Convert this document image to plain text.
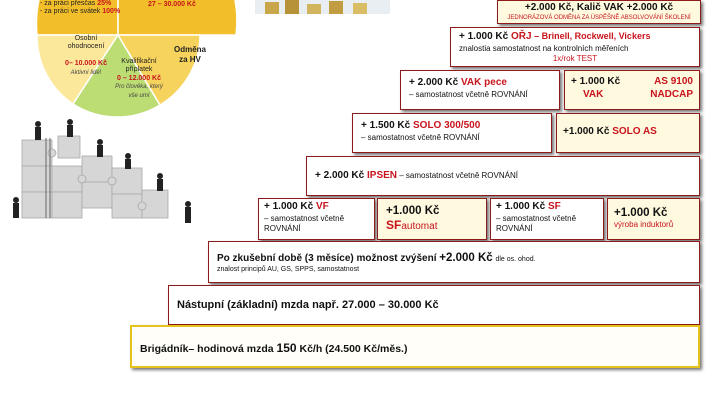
- za práci přesčas 25%
- za práci ve svátek 100%
27 – 30.000 Kč
Osobní ohodnocení

0– 10.000 Kč
Aktivní lidé!
Kvalifikační příplatek
0 – 12.000 Kč
Pro člověka, který vše umí
Odměna za HV
+2.000 Kč, Kalič VAK +2.000 Kč
JEDNORÁZOVÁ ODMĚNA ZA ÚSPĚŠNĚ ABSOLVOVÁNÍ ŠKOLENÍ
+ 1.000 Kč OŘJ – Brinell, Rockwell, Vickers
znalostia samostatnost na kontrolních měřeních
1x/rok TEST
+ 2.000 Kč VAK pece
– samostatnost včetně ROVNÁNÍ
+ 1.000 Kč	AS 9100
VAK	NADCAP
+ 1.500 Kč SOLO 300/500
– samostatnost včetně ROVNÁNÍ	+1.000 Kč SOLO AS
+ 2.000 Kč IPSEN – samostatnost včetně ROVNÁNÍ
+ 1.000 Kč VF
– samostatnost včetně ROVNÁNÍ
+1.000 Kč
SFautomat
+ 1.000 Kč SF
– samostatnost včetně ROVNÁNÍ
+1.000 Kč
výroba induktorů
Po zkušební době (3 měsíce) možnost zvýšení +2.000 Kč dle os. ohod.
znalost principů AU, GS, SPPS, samostatnost
Nástupní (základní) mzda např. 27.000 – 30.000 Kč
Brigádník– hodinová mzda 150 Kč/h (24.500 Kč/měs.)
